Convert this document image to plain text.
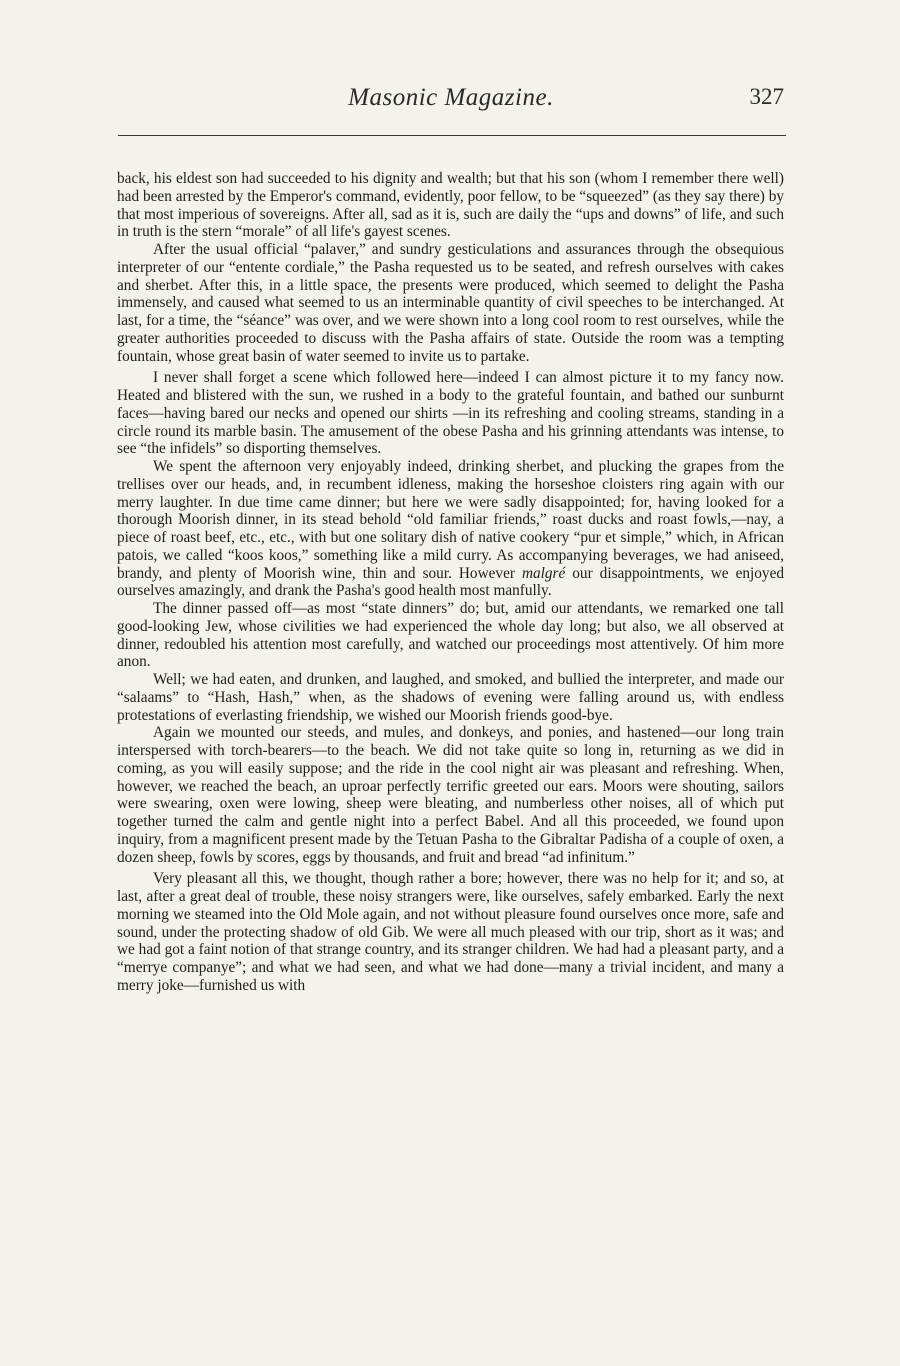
Masonic Magazine.	327

back, his eldest son had succeeded to his dignity and wealth; but that his son (whom I remember there well) had been arrested by the Emperor's command, evidently, poor fellow, to be “squeezed” (as they say there) by that most imperious of sovereigns. After all, sad as it is, such are daily the “ups and downs” of life, and such in truth is the stern “morale” of all life's gayest scenes.

After the usual official “palaver,” and sundry gesticulations and assurances through the obsequious interpreter of our “entente cordiale,” the Pasha requested us to be seated, and refresh ourselves with cakes and sherbet. After this, in a little space, the presents were produced, which seemed to delight the Pasha immensely, and caused what seemed to us an interminable quantity of civil speeches to be interchanged. At last, for a time, the “séance” was over, and we were shown into a long cool room to rest ourselves, while the greater authorities proceeded to discuss with the Pasha affairs of state. Outside the room was a tempting fountain, whose great basin of water seemed to invite us to partake.

I never shall forget a scene which followed here—indeed I can almost picture it to my fancy now. Heated and blistered with the sun, we rushed in a body to the grateful fountain, and bathed our sunburnt faces—having bared our necks and opened our shirts —in its refreshing and cooling streams, standing in a circle round its marble basin. The amusement of the obese Pasha and his grinning attendants was intense, to see “the infidels” so disporting themselves.

We spent the afternoon very enjoyably indeed, drinking sherbet, and plucking the grapes from the trellises over our heads, and, in recumbent idleness, making the horseshoe cloisters ring again with our merry laughter. In due time came dinner; but here we were sadly disappointed; for, having looked for a thorough Moorish dinner, in its stead behold “old familiar friends,” roast ducks and roast fowls,—nay, a piece of roast beef, etc., etc., with but one solitary dish of native cookery “pur et simple,” which, in African patois, we called “koos koos,” something like a mild curry. As accompanying beverages, we had aniseed, brandy, and plenty of Moorish wine, thin and sour. However malgré our disappointments, we enjoyed ourselves amazingly, and drank the Pasha's good health most manfully.

The dinner passed off—as most “state dinners” do; but, amid our attendants, we remarked one tall good-looking Jew, whose civilities we had experienced the whole day long; but also, we all observed at dinner, redoubled his attention most carefully, and watched our proceedings most attentively. Of him more anon.

Well; we had eaten, and drunken, and laughed, and smoked, and bullied the interpreter, and made our “salaams” to “Hash, Hash,” when, as the shadows of evening were falling around us, with endless protestations of everlasting friendship, we wished our Moorish friends good-bye.

Again we mounted our steeds, and mules, and donkeys, and ponies, and hastened—our long train interspersed with torch-bearers—to the beach. We did not take quite so long in, returning as we did in coming, as you will easily suppose; and the ride in the cool night air was pleasant and refreshing. When, however, we reached the beach, an uproar perfectly terrific greeted our ears. Moors were shouting, sailors were swearing, oxen were lowing, sheep were bleating, and numberless other noises, all of which put together turned the calm and gentle night into a perfect Babel. And all this proceeded, we found upon inquiry, from a magnificent present made by the Tetuan Pasha to the Gibraltar Padisha of a couple of oxen, a dozen sheep, fowls by scores, eggs by thousands, and fruit and bread “ad infinitum.”

Very pleasant all this, we thought, though rather a bore; however, there was no help for it; and so, at last, after a great deal of trouble, these noisy strangers were, like ourselves, safely embarked. Early the next morning we steamed into the Old Mole again, and not without pleasure found ourselves once more, safe and sound, under the protecting shadow of old Gib. We were all much pleased with our trip, short as it was; and we had got a faint notion of that strange country, and its stranger children. We had had a pleasant party, and a “merrye companye”; and what we had seen, and what we had done—many a trivial incident, and many a merry joke—furnished us with
